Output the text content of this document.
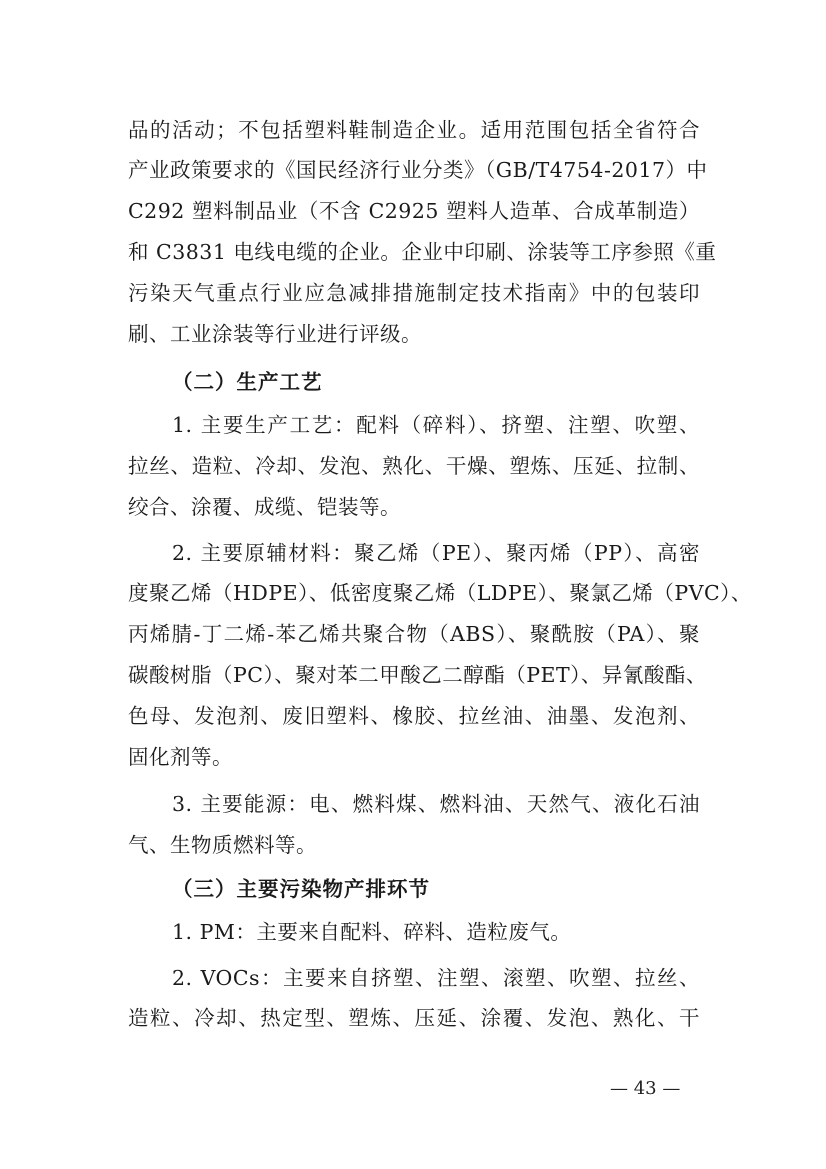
品的活动；不包括塑料鞋制造企业。适用范围包括全省符合
产业政策要求的《国民经济行业分类》（GB/T4754-2017）中
C292 塑料制品业（不含 C2925 塑料人造革、合成革制造）
和 C3831 电线电缆的企业。企业中印刷、涂装等工序参照《重
污染天气重点行业应急减排措施制定技术指南》中的包装印
刷、工业涂装等行业进行评级。
（二）生产工艺
1. 主要生产工艺：配料（碎料）、挤塑、注塑、吹塑、
拉丝、造粒、冷却、发泡、熟化、干燥、塑炼、压延、拉制、
绞合、涂覆、成缆、铠装等。
2. 主要原辅材料：聚乙烯（PE）、聚丙烯（PP）、高密
度聚乙烯（HDPE）、低密度聚乙烯（LDPE）、聚氯乙烯（PVC）、
丙烯腈-丁二烯-苯乙烯共聚合物（ABS）、聚酰胺（PA）、聚
碳酸树脂（PC）、聚对苯二甲酸乙二醇酯（PET）、异氰酸酯、
色母、发泡剂、废旧塑料、橡胶、拉丝油、油墨、发泡剂、
固化剂等。
3. 主要能源：电、燃料煤、燃料油、天然气、液化石油
气、生物质燃料等。
（三）主要污染物产排环节
1. PM：主要来自配料、碎料、造粒废气。
2. VOCs：主要来自挤塑、注塑、滚塑、吹塑、拉丝、
造粒、冷却、热定型、塑炼、压延、涂覆、发泡、熟化、干
— 43 —
